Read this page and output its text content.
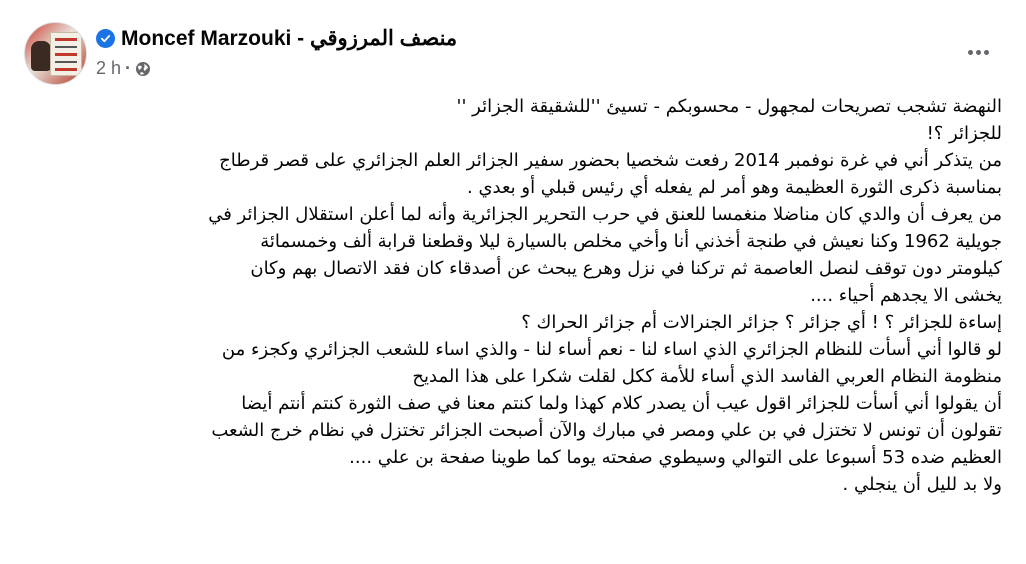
Moncef Marzouki - منصف المرزوقي
2 h ·
النهضة تشجب تصريحات لمجهول - محسوبكم - تسيئ ''للشقيقة الجزائر ''
للجزائر ؟!
من يتذكر أني في غرة نوفمبر 2014 رفعت شخصيا بحضور سفير الجزائر العلم الجزائري على قصر قرطاج
بمناسبة ذكرى الثورة العظيمة وهو أمر لم يفعله أي رئيس قبلي أو بعدي .
من يعرف أن والدي كان مناضلا منغمسا للعنق في حرب التحرير الجزائرية وأنه لما أعلن استقلال الجزائر في
جويلية 1962 وكنا نعيش في طنجة أخذني أنا وأخي مخلص بالسيارة ليلا وقطعنا قرابة ألف وخمسمائة
كيلومتر دون توقف لنصل العاصمة ثم تركنا في نزل وهرع يبحث عن أصدقاء كان فقد الاتصال بهم وكان
يخشى الا يجدهم أحياء ....
إساءة للجزائر ؟ ! أي جزائر ؟ جزائر الجنرالات أم جزائر الحراك ؟
لو قالوا أني أسأت للنظام الجزائري الذي اساء لنا - نعم أساء لنا - والذي اساء للشعب الجزائري وكجزء من
منظومة النظام العربي الفاسد الذي أساء للأمة ككل لقلت شكرا على هذا المديح
أن يقولوا أني أسأت للجزائر اقول عيب أن يصدر كلام كهذا ولما كنتم معنا في صف الثورة كنتم أنتم أيضا
تقولون أن تونس لا تختزل في بن علي ومصر في مبارك والآن أصبحت الجزائر تختزل في نظام خرج الشعب
العظيم ضده 53 أسبوعا على التوالي وسيطوي صفحته يوما كما طوينا صفحة بن علي ....
ولا بد لليل أن ينجلي .
